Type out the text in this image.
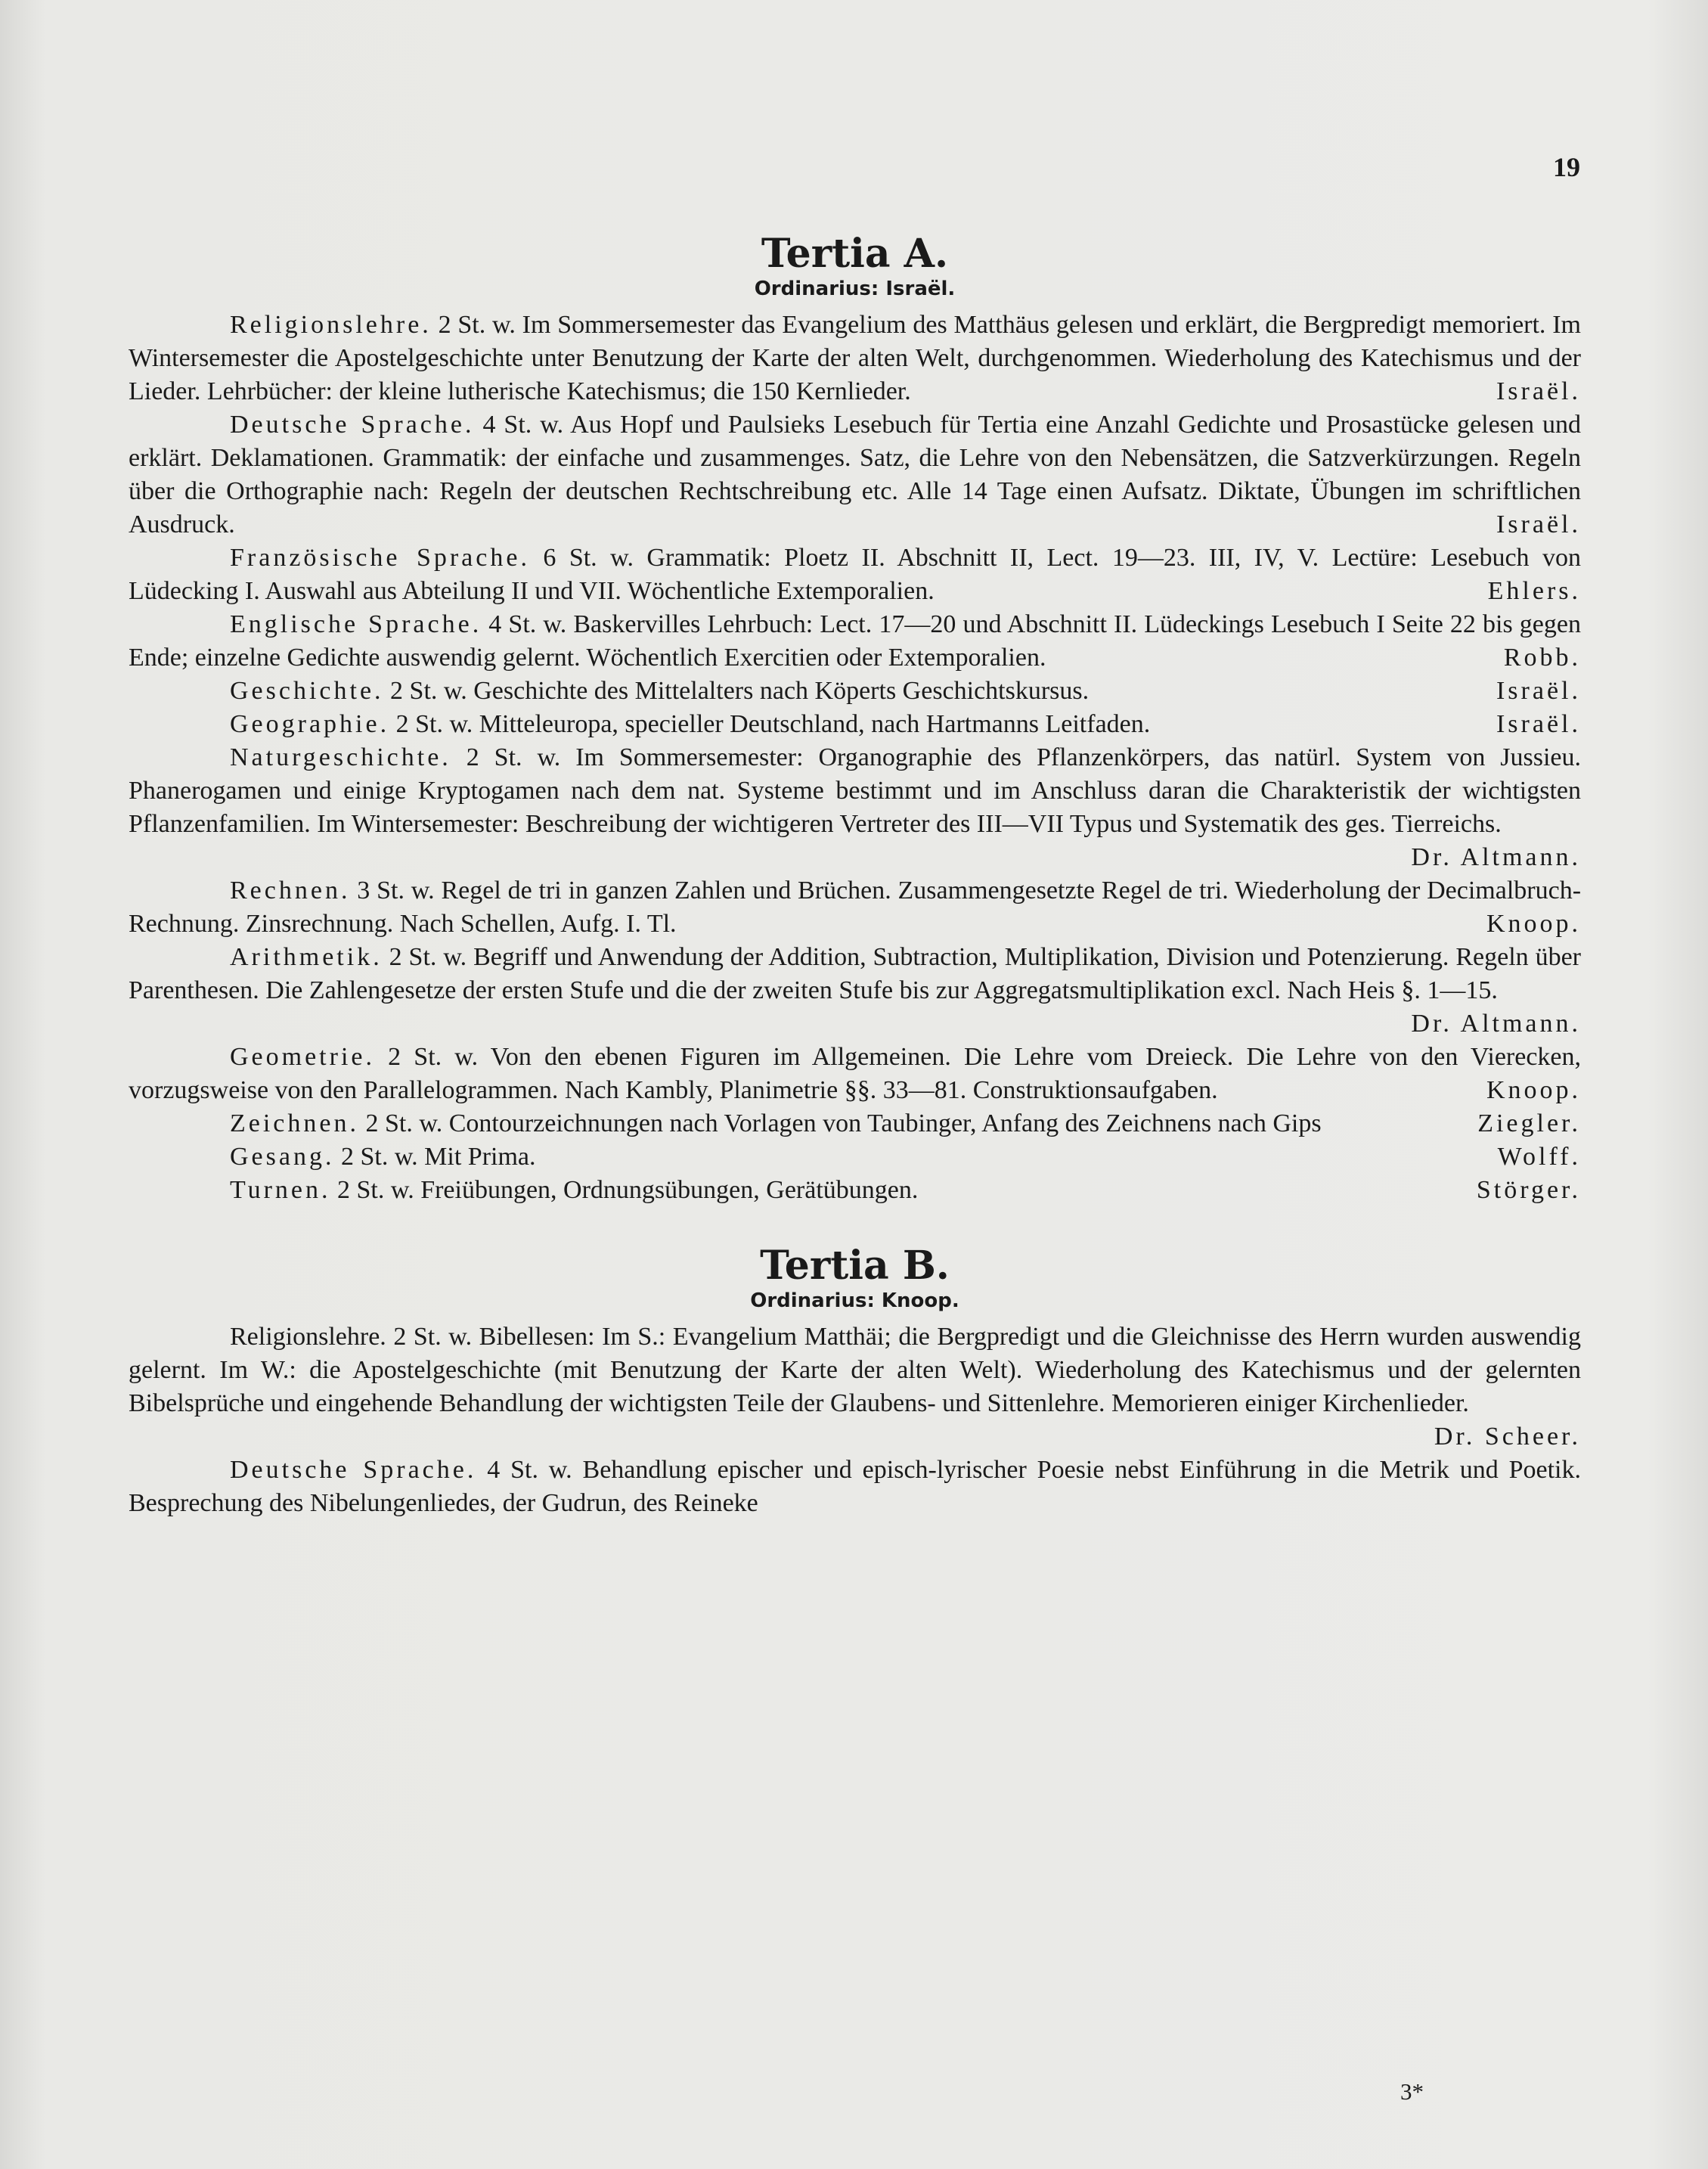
19
Tertia A.
Ordinarius: Israël.

Religionslehre. 2 St. w. Im Sommersemester das Evangelium des Matthäus gelesen und erklärt, die Bergpredigt memoriert. Im Wintersemester die Apostelgeschichte unter Benutzung der Karte der alten Welt, durchgenommen. Wiederholung des Katechismus und der Lieder. Lehrbücher: der kleine lutherische Katechismus; die 150 Kernlieder.	Israël.

Deutsche Sprache. 4 St. w. Aus Hopf und Paulsieks Lesebuch für Tertia eine Anzahl Gedichte und Prosastücke gelesen und erklärt. Deklamationen. Grammatik: der einfache und zusammenges. Satz, die Lehre von den Nebensätzen, die Satzverkürzungen. Regeln über die Orthographie nach: Regeln der deutschen Rechtschreibung etc. Alle 14 Tage einen Aufsatz. Diktate, Übungen im schriftlichen Ausdruck.	Israël.

Französische Sprache. 6 St. w. Grammatik: Ploetz II. Abschnitt II, Lect. 19—23. III, IV, V. Lectüre: Lesebuch von Lüdecking I. Auswahl aus Abteilung II und VII. Wöchentliche Extemporalien.	Ehlers.

Englische Sprache. 4 St. w. Baskervilles Lehrbuch: Lect. 17—20 und Abschnitt II. Lüdeckings Lesebuch I Seite 22 bis gegen Ende; einzelne Gedichte auswendig gelernt. Wöchentlich Exercitien oder Extemporalien.	Robb.

Geschichte. 2 St. w. Geschichte des Mittelalters nach Köperts Geschichtskursus.	Israël.

Geographie. 2 St. w. Mitteleuropa, specieller Deutschland, nach Hartmanns Leitfaden.	Israël.

Naturgeschichte. 2 St. w. Im Sommersemester: Organographie des Pflanzenkörpers, das natürl. System von Jussieu. Phanerogamen und einige Kryptogamen nach dem nat. Systeme bestimmt und im Anschluss daran die Charakteristik der wichtigsten Pflanzenfamilien. Im Wintersemester: Beschreibung der wichtigeren Vertreter des III—VII Typus und Systematik des ges. Tierreichs.
Dr. Altmann.

Rechnen. 3 St. w. Regel de tri in ganzen Zahlen und Brüchen. Zusammengesetzte Regel de tri. Wiederholung der Decimalbruch-Rechnung. Zinsrechnung. Nach Schellen, Aufg. I. Tl.	Knoop.

Arithmetik. 2 St. w. Begriff und Anwendung der Addition, Subtraction, Multiplikation, Division und Potenzierung. Regeln über Parenthesen. Die Zahlengesetze der ersten Stufe und die der zweiten Stufe bis zur Aggregatsmultiplikation excl. Nach Heis §. 1—15.
Dr. Altmann.

Geometrie. 2 St. w. Von den ebenen Figuren im Allgemeinen. Die Lehre vom Dreieck. Die Lehre von den Vierecken, vorzugsweise von den Parallelogrammen. Nach Kambly, Planimetrie §§. 33—81. Construktionsaufgaben.	Knoop.

Zeichnen. 2 St. w. Contourzeichnungen nach Vorlagen von Taubinger, Anfang des Zeichnens nach Gips	Ziegler.

Gesang. 2 St. w. Mit Prima.	Wolff.

Turnen. 2 St. w. Freiübungen, Ordnungsübungen, Gerätübungen.	Störger.

Tertia B.
Ordinarius: Knoop.

Religionslehre. 2 St. w. Bibellesen: Im S.: Evangelium Matthäi; die Bergpredigt und die Gleichnisse des Herrn wurden auswendig gelernt. Im W.: die Apostelgeschichte (mit Benutzung der Karte der alten Welt). Wiederholung des Katechismus und der gelernten Bibelsprüche und eingehende Behandlung der wichtigsten Teile der Glaubens- und Sittenlehre. Memorieren einiger Kirchenlieder.
Dr. Scheer.

Deutsche Sprache. 4 St. w. Behandlung epischer und episch-lyrischer Poesie nebst Einführung in die Metrik und Poetik. Besprechung des Nibelungenliedes, der Gudrun, des Reineke

3*
